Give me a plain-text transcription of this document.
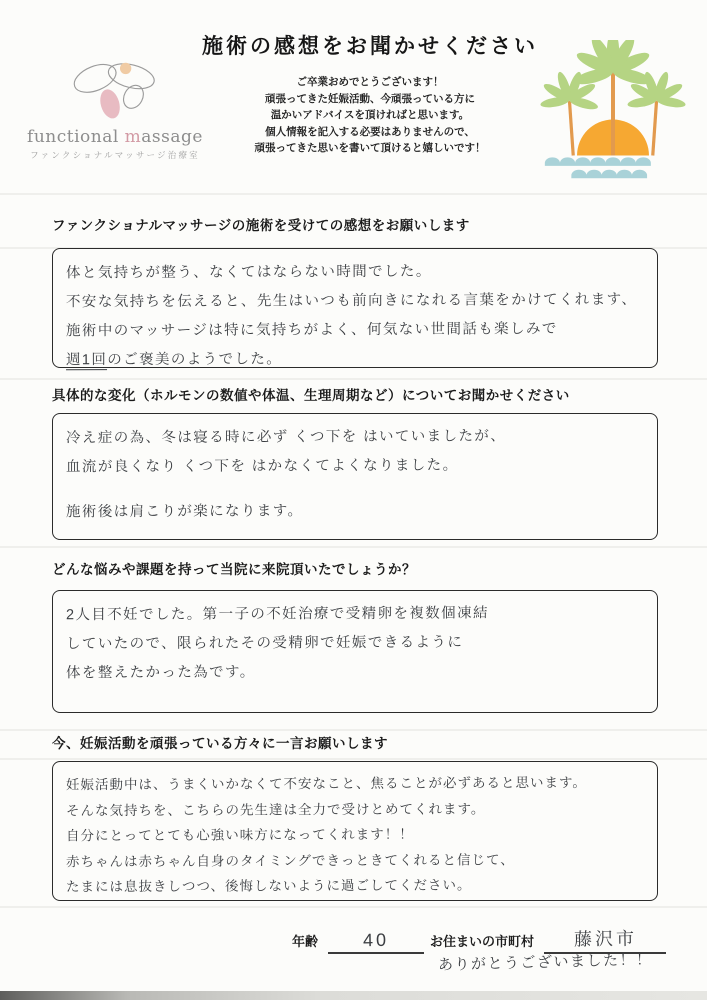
functional massage
ファンクショナルマッサージ治療室
施術の感想をお聞かせください

ご卒業おめでとうございます！

頑張ってきた妊娠活動、今頑張っている方に

温かいアドバイスを頂ければと思います。

個人情報を記入する必要はありませんので、

頑張ってきた思いを書いて頂けると嬉しいです！

ファンクショナルマッサージの施術を受けての感想をお願いします

体と気持ちが整う、なくてはならない時間でした。

不安な気持ちを伝えると、先生はいつも前向きになれる言葉をかけてくれます、

施術中のマッサージは特に気持ちがよく、何気ない世間話も楽しみで

週1回のご褒美のようでした。

具体的な変化（ホルモンの数値や体温、生理周期など）についてお聞かせください

冷え症の為、冬は寝る時に必ず くつ下を はいていましたが、

血流が良くなり くつ下を はかなくてよくなりました。

施術後は肩こりが楽になります。

どんな悩みや課題を持って当院に来院頂いたでしょうか？

2人目不妊でした。第一子の不妊治療で受精卵を複数個凍結

していたので、限られたその受精卵で妊娠できるように

体を整えたかった為です。

今、妊娠活動を頑張っている方々に一言お願いします

妊娠活動中は、うまくいかなくて不安なこと、焦ることが必ずあると思います。

そんな気持ちを、こちらの先生達は全力で受けとめてくれます。

自分にとってとても心強い味方になってくれます！！

赤ちゃんは赤ちゃん自身のタイミングできっときてくれると信じて、

たまには息抜きしつつ、後悔しないように過ごしてください。

年齢	40	お住まいの市町村	藤沢市

ありがとうございました！！
